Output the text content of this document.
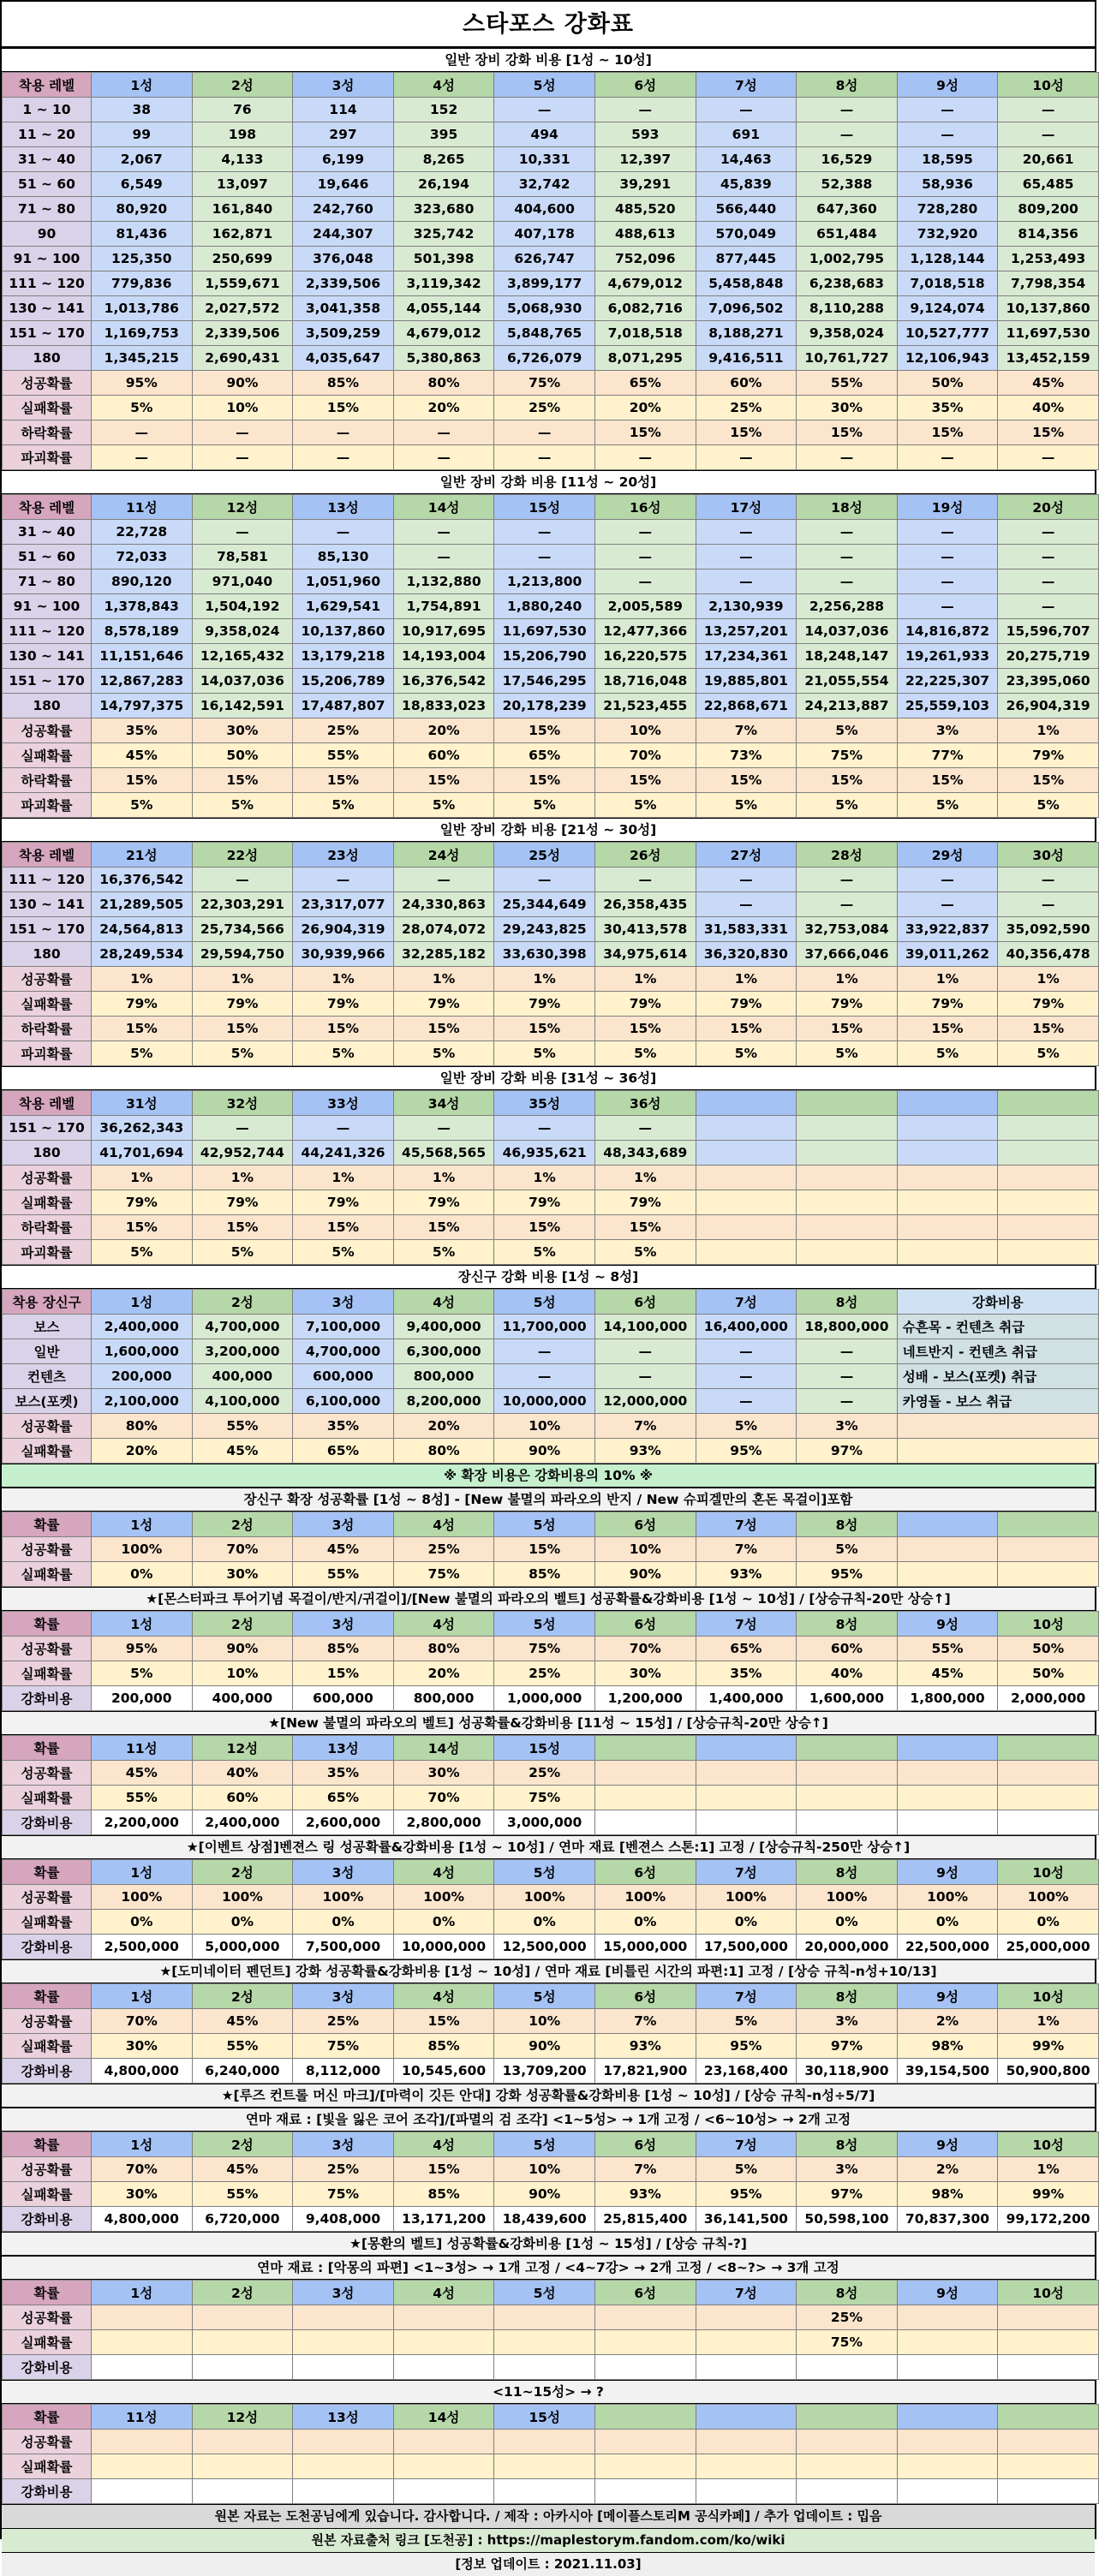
스타포스 강화표
일반 장비 강화 비용 [1성 ~ 10성]
착용 레벨	1성	2성	3성	4성	5성	6성	7성	8성	9성	10성
1 ~ 10	38	76	114	152	—	—	—	—	—	—
11 ~ 20	99	198	297	395	494	593	691	—	—	—
31 ~ 40	2,067	4,133	6,199	8,265	10,331	12,397	14,463	16,529	18,595	20,661
51 ~ 60	6,549	13,097	19,646	26,194	32,742	39,291	45,839	52,388	58,936	65,485
71 ~ 80	80,920	161,840	242,760	323,680	404,600	485,520	566,440	647,360	728,280	809,200
90	81,436	162,871	244,307	325,742	407,178	488,613	570,049	651,484	732,920	814,356
91 ~ 100	125,350	250,699	376,048	501,398	626,747	752,096	877,445	1,002,795	1,128,144	1,253,493
111 ~ 120	779,836	1,559,671	2,339,506	3,119,342	3,899,177	4,679,012	5,458,848	6,238,683	7,018,518	7,798,354
130 ~ 141	1,013,786	2,027,572	3,041,358	4,055,144	5,068,930	6,082,716	7,096,502	8,110,288	9,124,074	10,137,860
151 ~ 170	1,169,753	2,339,506	3,509,259	4,679,012	5,848,765	7,018,518	8,188,271	9,358,024	10,527,777	11,697,530
180	1,345,215	2,690,431	4,035,647	5,380,863	6,726,079	8,071,295	9,416,511	10,761,727	12,106,943	13,452,159
성공확률	95%	90%	85%	80%	75%	65%	60%	55%	50%	45%
실패확률	5%	10%	15%	20%	25%	20%	25%	30%	35%	40%
하락확률	—	—	—	—	—	15%	15%	15%	15%	15%
파괴확률	—	—	—	—	—	—	—	—	—	—
일반 장비 강화 비용 [11성 ~ 20성]
착용 레벨	11성	12성	13성	14성	15성	16성	17성	18성	19성	20성
31 ~ 40	22,728	—	—	—	—	—	—	—	—	—
51 ~ 60	72,033	78,581	85,130	—	—	—	—	—	—	—
71 ~ 80	890,120	971,040	1,051,960	1,132,880	1,213,800	—	—	—	—	—
91 ~ 100	1,378,843	1,504,192	1,629,541	1,754,891	1,880,240	2,005,589	2,130,939	2,256,288	—	—
111 ~ 120	8,578,189	9,358,024	10,137,860	10,917,695	11,697,530	12,477,366	13,257,201	14,037,036	14,816,872	15,596,707
130 ~ 141	11,151,646	12,165,432	13,179,218	14,193,004	15,206,790	16,220,575	17,234,361	18,248,147	19,261,933	20,275,719
151 ~ 170	12,867,283	14,037,036	15,206,789	16,376,542	17,546,295	18,716,048	19,885,801	21,055,554	22,225,307	23,395,060
180	14,797,375	16,142,591	17,487,807	18,833,023	20,178,239	21,523,455	22,868,671	24,213,887	25,559,103	26,904,319
성공확률	35%	30%	25%	20%	15%	10%	7%	5%	3%	1%
실패확률	45%	50%	55%	60%	65%	70%	73%	75%	77%	79%
하락확률	15%	15%	15%	15%	15%	15%	15%	15%	15%	15%
파괴확률	5%	5%	5%	5%	5%	5%	5%	5%	5%	5%
일반 장비 강화 비용 [21성 ~ 30성]
착용 레벨	21성	22성	23성	24성	25성	26성	27성	28성	29성	30성
111 ~ 120	16,376,542	—	—	—	—	—	—	—	—	—
130 ~ 141	21,289,505	22,303,291	23,317,077	24,330,863	25,344,649	26,358,435	—	—	—	—
151 ~ 170	24,564,813	25,734,566	26,904,319	28,074,072	29,243,825	30,413,578	31,583,331	32,753,084	33,922,837	35,092,590
180	28,249,534	29,594,750	30,939,966	32,285,182	33,630,398	34,975,614	36,320,830	37,666,046	39,011,262	40,356,478
성공확률	1%	1%	1%	1%	1%	1%	1%	1%	1%	1%
실패확률	79%	79%	79%	79%	79%	79%	79%	79%	79%	79%
하락확률	15%	15%	15%	15%	15%	15%	15%	15%	15%	15%
파괴확률	5%	5%	5%	5%	5%	5%	5%	5%	5%	5%
일반 장비 강화 비용 [31성 ~ 36성]
착용 레벨	31성	32성	33성	34성	35성	36성				
151 ~ 170	36,262,343	—	—	—	—	—				
180	41,701,694	42,952,744	44,241,326	45,568,565	46,935,621	48,343,689				
성공확률	1%	1%	1%	1%	1%	1%				
실패확률	79%	79%	79%	79%	79%	79%				
하락확률	15%	15%	15%	15%	15%	15%				
파괴확률	5%	5%	5%	5%	5%	5%				
장신구 강화 비용 [1성 ~ 8성]
착용 장신구	1성	2성	3성	4성	5성	6성	7성	8성	강화비용
보스	2,400,000	4,700,000	7,100,000	9,400,000	11,700,000	14,100,000	16,400,000	18,800,000	슈흔목 - 컨텐츠 취급
일반	1,600,000	3,200,000	4,700,000	6,300,000	—	—	—	—	네트반지 - 컨텐츠 취급
컨텐츠	200,000	400,000	600,000	800,000	—	—	—	—	성배 - 보스(포켓) 취급
보스(포켓)	2,100,000	4,100,000	6,100,000	8,200,000	10,000,000	12,000,000	—	—	카영돌 - 보스 취급
성공확률	80%	55%	35%	20%	10%	7%	5%	3%	
실패확률	20%	45%	65%	80%	90%	93%	95%	97%	
※ 확장 비용은 강화비용의 10% ※
장신구 확장 성공확률 [1성 ~ 8성] - [New 불멸의 파라오의 반지 / New 슈피겔만의 혼돈 목걸이]포함
확률	1성	2성	3성	4성	5성	6성	7성	8성		
성공확률	100%	70%	45%	25%	15%	10%	7%	5%		
실패확률	0%	30%	55%	75%	85%	90%	93%	95%		
★[몬스터파크 투어기념 목걸이/반지/귀걸이]/[New 불멸의 파라오의 벨트] 성공확률&강화비용 [1성 ~ 10성] / [상승규칙-20만 상승↑]
확률	1성	2성	3성	4성	5성	6성	7성	8성	9성	10성
성공확률	95%	90%	85%	80%	75%	70%	65%	60%	55%	50%
실패확률	5%	10%	15%	20%	25%	30%	35%	40%	45%	50%
강화비용	200,000	400,000	600,000	800,000	1,000,000	1,200,000	1,400,000	1,600,000	1,800,000	2,000,000
★[New 불멸의 파라오의 벨트] 성공확률&강화비용 [11성 ~ 15성] / [상승규칙-20만 상승↑]
확률	11성	12성	13성	14성	15성					
성공확률	45%	40%	35%	30%	25%					
실패확률	55%	60%	65%	70%	75%					
강화비용	2,200,000	2,400,000	2,600,000	2,800,000	3,000,000					
★[이벤트 상점]벤젼스 링 성공확률&강화비용 [1성 ~ 10성] / 연마 재료 [벤젼스 스톤:1] 고정 / [상승규칙-250만 상승↑]
확률	1성	2성	3성	4성	5성	6성	7성	8성	9성	10성
성공확률	100%	100%	100%	100%	100%	100%	100%	100%	100%	100%
실패확률	0%	0%	0%	0%	0%	0%	0%	0%	0%	0%
강화비용	2,500,000	5,000,000	7,500,000	10,000,000	12,500,000	15,000,000	17,500,000	20,000,000	22,500,000	25,000,000
★[도미네이터 펜던트] 강화 성공확률&강화비용 [1성 ~ 10성] / 연마 재료 [비틀린 시간의 파편:1] 고정 / [상승 규칙-n성+10/13]
확률	1성	2성	3성	4성	5성	6성	7성	8성	9성	10성
성공확률	70%	45%	25%	15%	10%	7%	5%	3%	2%	1%
실패확률	30%	55%	75%	85%	90%	93%	95%	97%	98%	99%
강화비용	4,800,000	6,240,000	8,112,000	10,545,600	13,709,200	17,821,900	23,168,400	30,118,900	39,154,500	50,900,800
★[루즈 컨트롤 머신 마크]/[마력이 깃든 안대] 강화 성공확률&강화비용 [1성 ~ 10성] / [상승 규칙-n성÷5/7]
연마 재료 : [빛을 잃은 코어 조각]/[파멸의 검 조각] <1~5성> → 1개 고정 / <6~10성> → 2개 고정
확률	1성	2성	3성	4성	5성	6성	7성	8성	9성	10성
성공확률	70%	45%	25%	15%	10%	7%	5%	3%	2%	1%
실패확률	30%	55%	75%	85%	90%	93%	95%	97%	98%	99%
강화비용	4,800,000	6,720,000	9,408,000	13,171,200	18,439,600	25,815,400	36,141,500	50,598,100	70,837,300	99,172,200
★[몽환의 벨트] 성공확률&강화비용 [1성 ~ 15성] / [상승 규칙-?]
연마 재료 : [악몽의 파편] <1~3성> → 1개 고정 / <4~7강> → 2개 고정 / <8~?> → 3개 고정
확률	1성	2성	3성	4성	5성	6성	7성	8성	9성	10성
성공확률								25%		
실패확률								75%		
강화비용										
<11~15성> → ?
확률	11성	12성	13성	14성	15성					
성공확률										
실패확률										
강화비용										
원본 자료는 도천공님에게 있습니다. 감사합니다. / 제작 : 아카시아 [메이플스토리M 공식카페] / 추가 업데이트 : 밉음
원본 자료출처 링크 [도천공] : https://maplestorym.fandom.com/ko/wiki
[정보 업데이트 : 2021.11.03]
